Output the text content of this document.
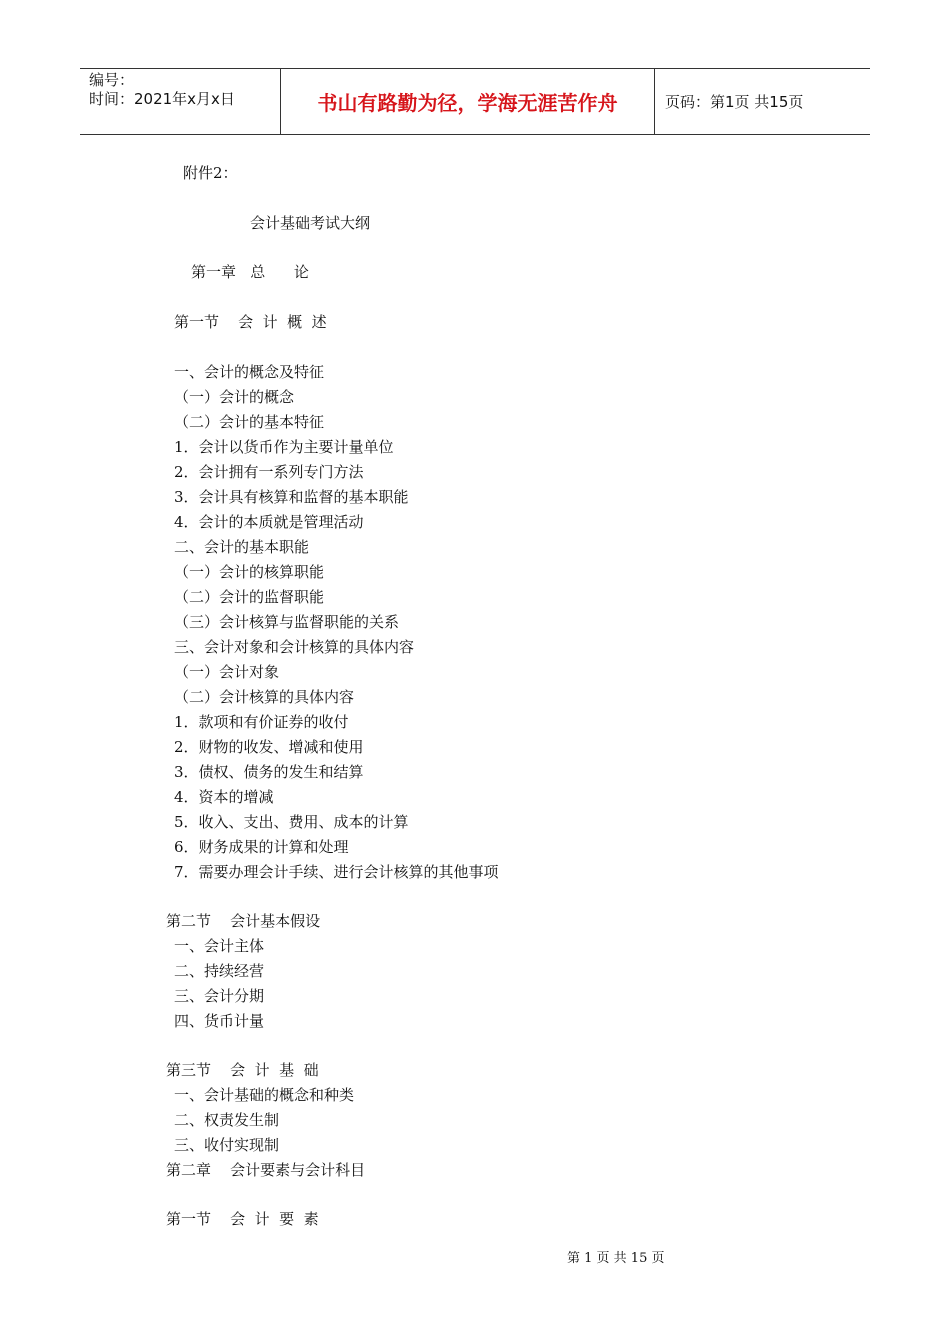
编号：
时间：2021年x月x日	书山有路勤为径，学海无涯苦作舟	页码：第1页 共15页
附件2：
会计基础考试大纲
第一章   总      论
第一节    会  计  概  述
一、会计的概念及特征
（一）会计的概念
（二）会计的基本特征
1．会计以货币作为主要计量单位
2．会计拥有一系列专门方法
3．会计具有核算和监督的基本职能
4．会计的本质就是管理活动
二、会计的基本职能
（一）会计的核算职能
（二）会计的监督职能
（三）会计核算与监督职能的关系
三、会计对象和会计核算的具体内容
（一）会计对象
（二）会计核算的具体内容
1．款项和有价证券的收付
2．财物的收发、增减和使用
3．债权、债务的发生和结算
4．资本的增减
5．收入、支出、费用、成本的计算
6．财务成果的计算和处理
7．需要办理会计手续、进行会计核算的其他事项
第二节    会计基本假设
一、会计主体
二、持续经营
三、会计分期
四、货币计量
第三节    会  计  基  础
一、会计基础的概念和种类
二、权责发生制
三、收付实现制
第二章    会计要素与会计科目
第一节    会  计  要  素
第 1 页 共 15 页
